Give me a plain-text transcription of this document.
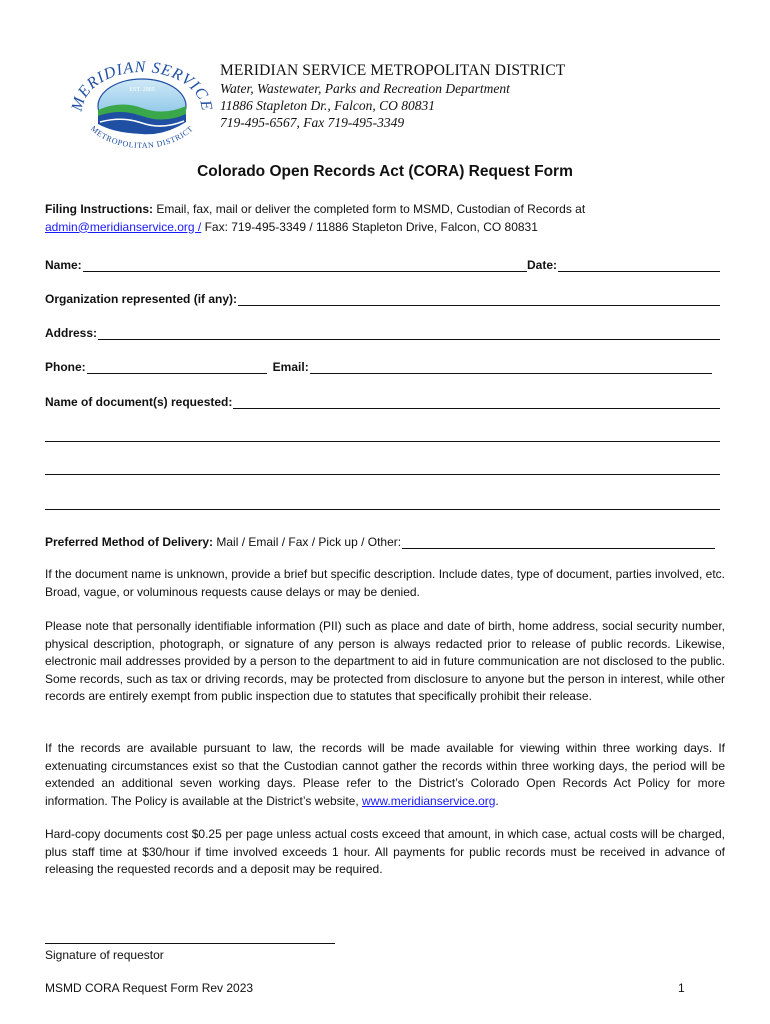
MERIDIAN SERVICE
EST. 2005
METROPOLITAN DISTRICT
MERIDIAN SERVICE METROPOLITAN DISTRICT
Water, Wastewater, Parks and Recreation Department
11886 Stapleton Dr., Falcon, CO 80831
719-495-6567, Fax 719-495-3349
Colorado Open Records Act (CORA) Request Form
Filing Instructions: Email, fax, mail or deliver the completed form to MSMD, Custodian of Records at
admin@meridianservice.org / Fax: 719-495-3349 / 11886 Stapleton Drive, Falcon, CO 80831
Name:	Date:
Organization represented (if any):
Address:
Phone:	Email:
Name of document(s) requested:
Preferred Method of Delivery: Mail / Email / Fax / Pick up / Other:
If the document name is unknown, provide a brief but specific description. Include dates, type of document, parties involved, etc. Broad, vague, or voluminous requests cause delays or may be denied.
Please note that personally identifiable information (PII) such as place and date of birth, home address, social security number, physical description, photograph, or signature of any person is always redacted prior to release of public records. Likewise, electronic mail addresses provided by a person to the department to aid in future communication are not disclosed to the public. Some records, such as tax or driving records, may be protected from disclosure to anyone but the person in interest, while other records are entirely exempt from public inspection due to statutes that specifically prohibit their release.
If the records are available pursuant to law, the records will be made available for viewing within three working days. If extenuating circumstances exist so that the Custodian cannot gather the records within three working days, the period will be extended an additional seven working days. Please refer to the District’s Colorado Open Records Act Policy for more information. The Policy is available at the District’s website, www.meridianservice.org.
Hard-copy documents cost $0.25 per page unless actual costs exceed that amount, in which case, actual costs will be charged, plus staff time at $30/hour if time involved exceeds 1 hour. All payments for public records must be received in advance of releasing the requested records and a deposit may be required.
Signature of requestor
MSMD CORA Request Form Rev 2023	1
